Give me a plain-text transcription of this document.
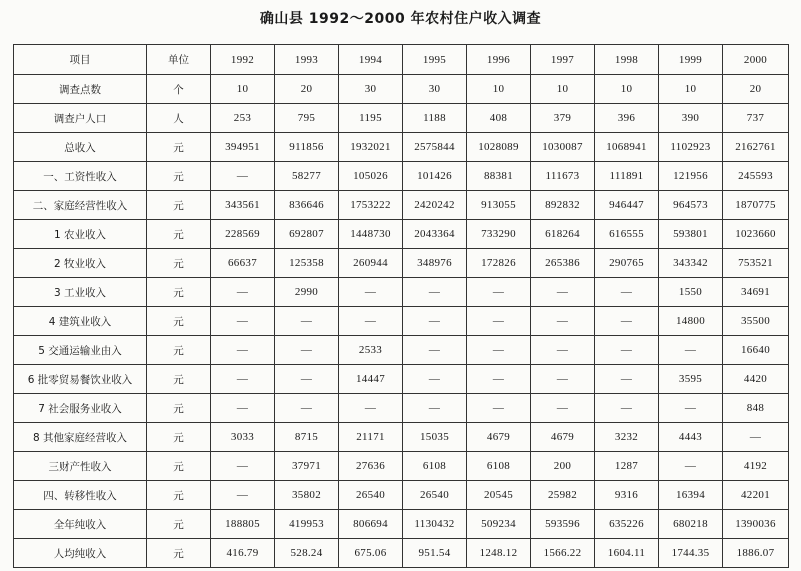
确山县 1992～2000 年农村住户收入调查
项目	单位	1992	1993	1994	1995	1996	1997	1998	1999	2000
调查点数	个	10	20	30	30	10	10	10	10	20
调查户人口	人	253	795	1195	1188	408	379	396	390	737
总收入	元	394951	911856	1932021	2575844	1028089	1030087	1068941	1102923	2162761
一、工资性收入	元	—	58277	105026	101426	88381	111673	111891	121956	245593
二、家庭经营性收入	元	343561	836646	1753222	2420242	913055	892832	946447	964573	1870775
1 农业收入	元	228569	692807	1448730	2043364	733290	618264	616555	593801	1023660
2 牧业收入	元	66637	125358	260944	348976	172826	265386	290765	343342	753521
3 工业收入	元	—	2990	—	—	—	—	—	1550	34691
4 建筑业收入	元	—	—	—	—	—	—	—	14800	35500
5 交通运输业由入	元	—	—	2533	—	—	—	—	—	16640
6 批零贸易餐饮业收入	元	—	—	14447	—	—	—	—	3595	4420
7 社会服务业收入	元	—	—	—	—	—	—	—	—	848
8 其他家庭经营收入	元	3033	8715	21171	15035	4679	4679	3232	4443	—
三财产性收入	元	—	37971	27636	6108	6108	200	1287	—	4192
四、转移性收入	元	—	35802	26540	26540	20545	25982	9316	16394	42201
全年纯收入	元	188805	419953	806694	1130432	509234	593596	635226	680218	1390036
人均纯收入	元	416.79	528.24	675.06	951.54	1248.12	1566.22	1604.11	1744.35	1886.07
